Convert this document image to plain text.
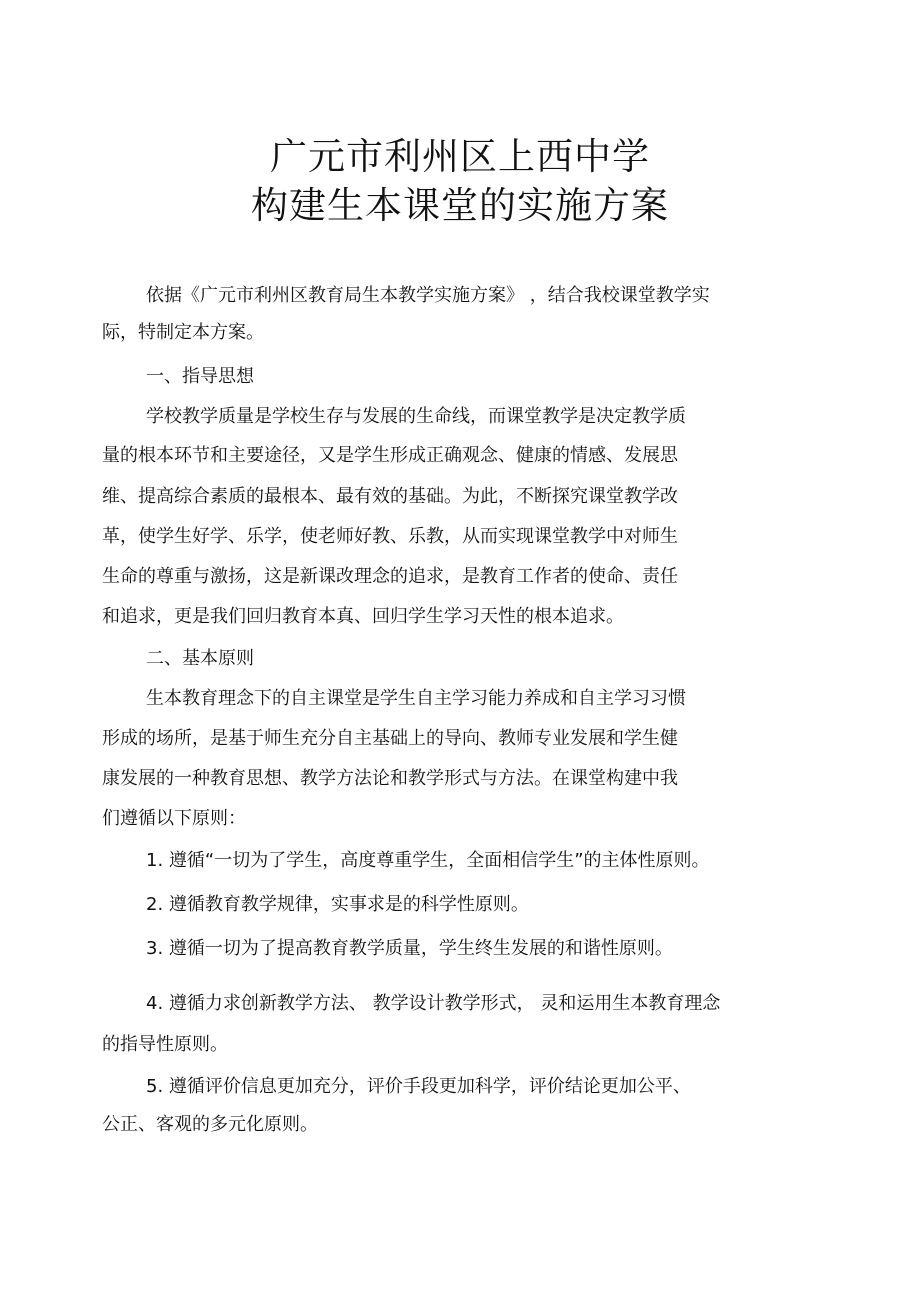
广元市利州区上西中学
构建生本课堂的实施方案
依据《广元市利州区教育局生本教学实施方案》 ，结合我校课堂教学实
际，特制定本方案。
一、指导思想
学校教学质量是学校生存与发展的生命线，而课堂教学是决定教学质
量的根本环节和主要途径，又是学生形成正确观念、健康的情感、发展思
维、提高综合素质的最根本、最有效的基础。为此，不断探究课堂教学改
革，使学生好学、乐学，使老师好教、乐教，从而实现课堂教学中对师生
生命的尊重与激扬，这是新课改理念的追求，是教育工作者的使命、责任
和追求，更是我们回归教育本真、回归学生学习天性的根本追求。
二、基本原则
生本教育理念下的自主课堂是学生自主学习能力养成和自主学习习惯
形成的场所，是基于师生充分自主基础上的导向、教师专业发展和学生健
康发展的一种教育思想、教学方法论和教学形式与方法。在课堂构建中我
们遵循以下原则：
1. 遵循“一切为了学生，高度尊重学生，全面相信学生”的主体性原则。
2. 遵循教育教学规律，实事求是的科学性原则。
3. 遵循一切为了提高教育教学质量，学生终生发展的和谐性原则。
4. 遵循力求创新教学方法、 教学设计教学形式， 灵和运用生本教育理念
的指导性原则。
5. 遵循评价信息更加充分，评价手段更加科学，评价结论更加公平、
公正、客观的多元化原则。
